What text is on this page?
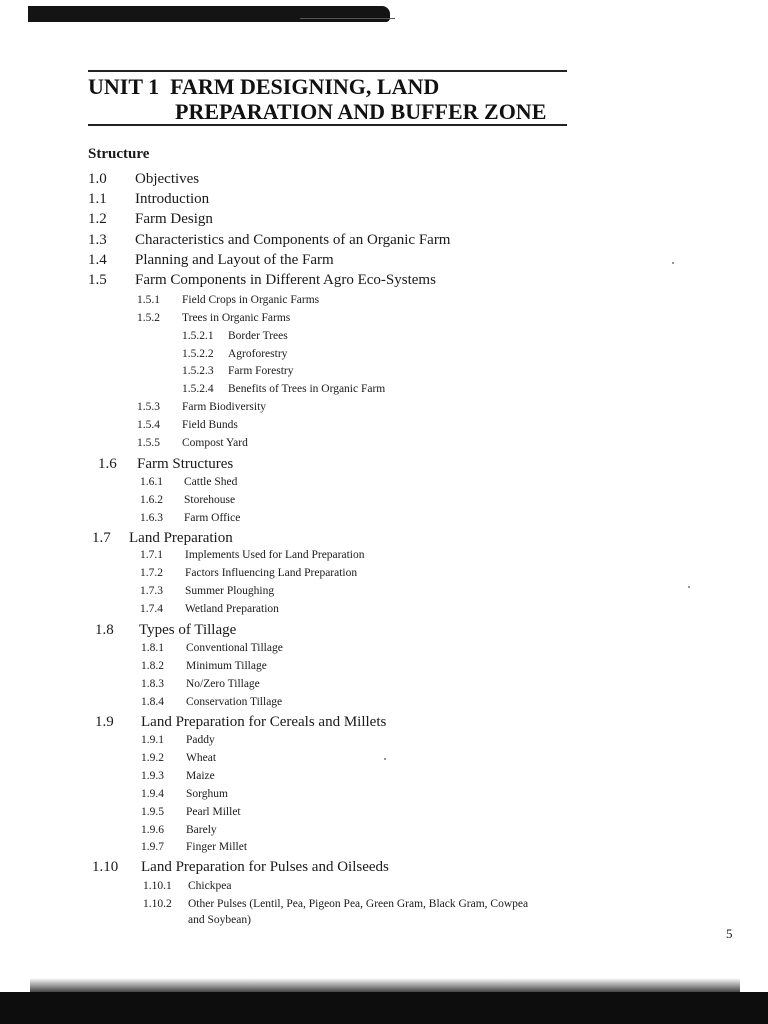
UNIT 1 FARM DESIGNING, LAND
PREPARATION AND BUFFER ZONE
Structure
1.0 Objectives
1.1 Introduction
1.2 Farm Design
1.3 Characteristics and Components of an Organic Farm
1.4 Planning and Layout of the Farm
1.5 Farm Components in Different Agro Eco-Systems
1.5.1 Field Crops in Organic Farms
1.5.2 Trees in Organic Farms
1.5.2.1 Border Trees
1.5.2.2 Agroforestry
1.5.2.3 Farm Forestry
1.5.2.4 Benefits of Trees in Organic Farm
1.5.3 Farm Biodiversity
1.5.4 Field Bunds
1.5.5 Compost Yard
1.6 Farm Structures
1.6.1 Cattle Shed
1.6.2 Storehouse
1.6.3 Farm Office
1.7 Land Preparation
1.7.1 Implements Used for Land Preparation
1.7.2 Factors Influencing Land Preparation
1.7.3 Summer Ploughing
1.7.4 Wetland Preparation
1.8 Types of Tillage
1.8.1 Conventional Tillage
1.8.2 Minimum Tillage
1.8.3 No/Zero Tillage
1.8.4 Conservation Tillage
1.9 Land Preparation for Cereals and Millets
1.9.1 Paddy
1.9.2 Wheat
1.9.3 Maize
1.9.4 Sorghum
1.9.5 Pearl Millet
1.9.6 Barely
1.9.7 Finger Millet
1.10 Land Preparation for Pulses and Oilseeds
1.10.1 Chickpea
1.10.2 Other Pulses (Lentil, Pea, Pigeon Pea, Green Gram, Black Gram, Cowpea
and Soybean)
5
